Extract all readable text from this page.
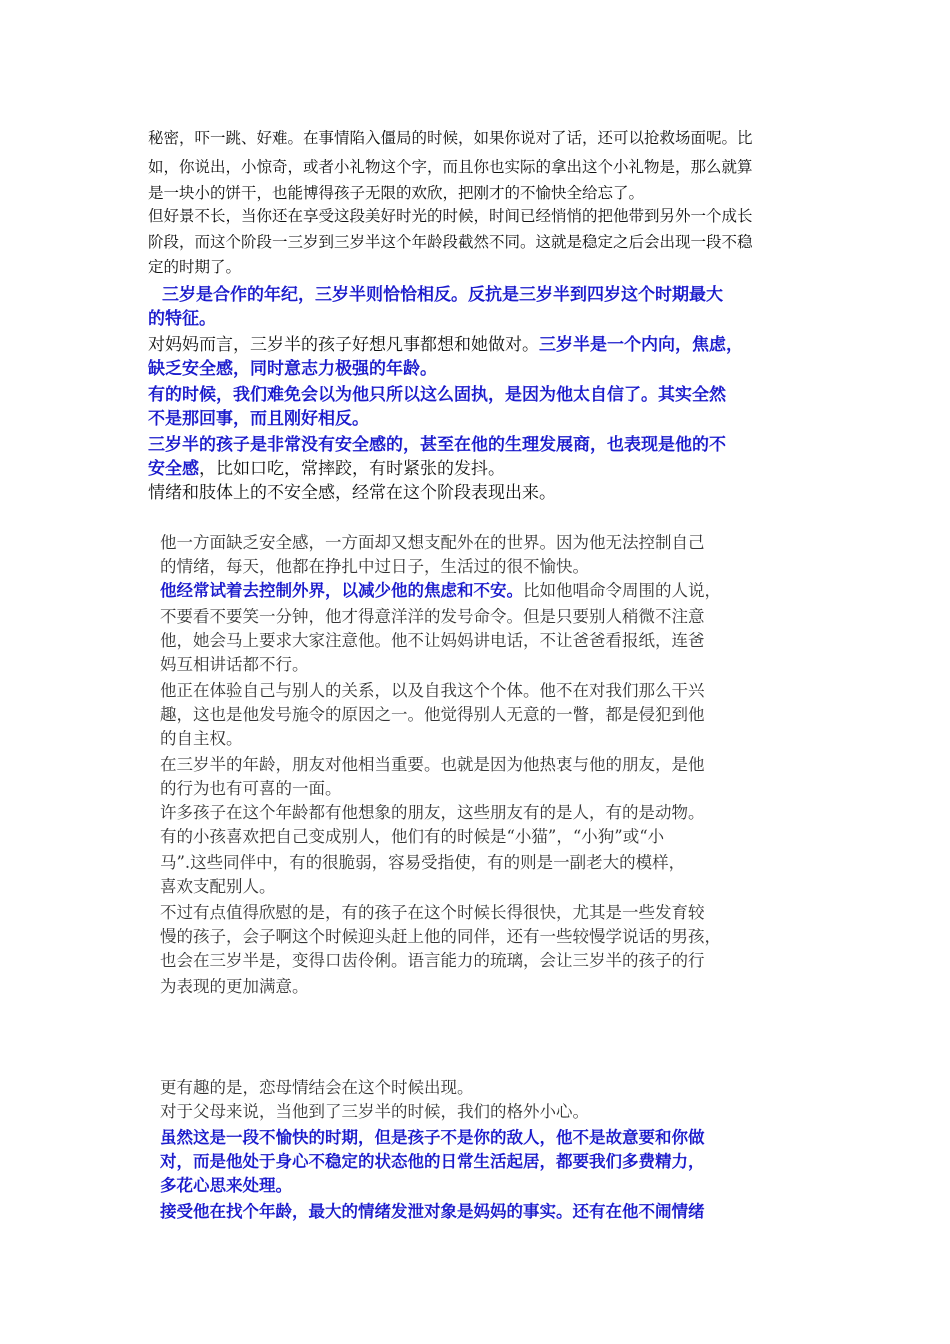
秘密，吓一跳、好难。在事情陷入僵局的时候，如果你说对了话，还可以抢救场面呢。比
如，你说出，小惊奇，或者小礼物这个字，而且你也实际的拿出这个小礼物是，那么就算
是一块小的饼干，也能博得孩子无限的欢欣，把刚才的不愉快全给忘了。
但好景不长，当你还在享受这段美好时光的时候，时间已经悄悄的把他带到另外一个成长
阶段，而这个阶段一三岁到三岁半这个年龄段截然不同。这就是稳定之后会出现一段不稳
定的时期了。
三岁是合作的年纪，三岁半则恰恰相反。反抗是三岁半到四岁这个时期最大
的特征。
对妈妈而言，三岁半的孩子好想凡事都想和她做对。三岁半是一个内向，焦虑，
缺乏安全感，同时意志力极强的年龄。
有的时候，我们难免会以为他只所以这么固执，是因为他太自信了。其实全然
不是那回事，而且刚好相反。
三岁半的孩子是非常没有安全感的，甚至在他的生理发展商，也表现是他的不
安全感，比如口吃，常摔跤，有时紧张的发抖。
情绪和肢体上的不安全感，经常在这个阶段表现出来。
他一方面缺乏安全感，一方面却又想支配外在的世界。因为他无法控制自己
的情绪，每天，他都在挣扎中过日子，生活过的很不愉快。
他经常试着去控制外界，以减少他的焦虑和不安。比如他唱命令周围的人说，
不要看不要笑一分钟，他才得意洋洋的发号命令。但是只要别人稍微不注意
他，她会马上要求大家注意他。他不让妈妈讲电话，不让爸爸看报纸，连爸
妈互相讲话都不行。
他正在体验自己与别人的关系，以及自我这个个体。他不在对我们那么干兴
趣，这也是他发号施令的原因之一。他觉得别人无意的一瞥，都是侵犯到他
的自主权。
在三岁半的年龄，朋友对他相当重要。也就是因为他热衷与他的朋友，是他
的行为也有可喜的一面。
许多孩子在这个年龄都有他想象的朋友，这些朋友有的是人，有的是动物。
有的小孩喜欢把自己变成别人，他们有的时候是“小猫”，“小狗”或“小
马”.这些同伴中，有的很脆弱，容易受指使，有的则是一副老大的模样，
喜欢支配别人。
不过有点值得欣慰的是，有的孩子在这个时候长得很快，尤其是一些发育较
慢的孩子，会子啊这个时候迎头赶上他的同伴，还有一些较慢学说话的男孩，
也会在三岁半是，变得口齿伶俐。语言能力的琉璃，会让三岁半的孩子的行
为表现的更加满意。
更有趣的是，恋母情结会在这个时候出现。
对于父母来说，当他到了三岁半的时候，我们的格外小心。
虽然这是一段不愉快的时期，但是孩子不是你的敌人，他不是故意要和你做
对，而是他处于身心不稳定的状态他的日常生活起居，都要我们多费精力，
多花心思来处理。
接受他在找个年龄，最大的情绪发泄对象是妈妈的事实。还有在他不闹情绪
